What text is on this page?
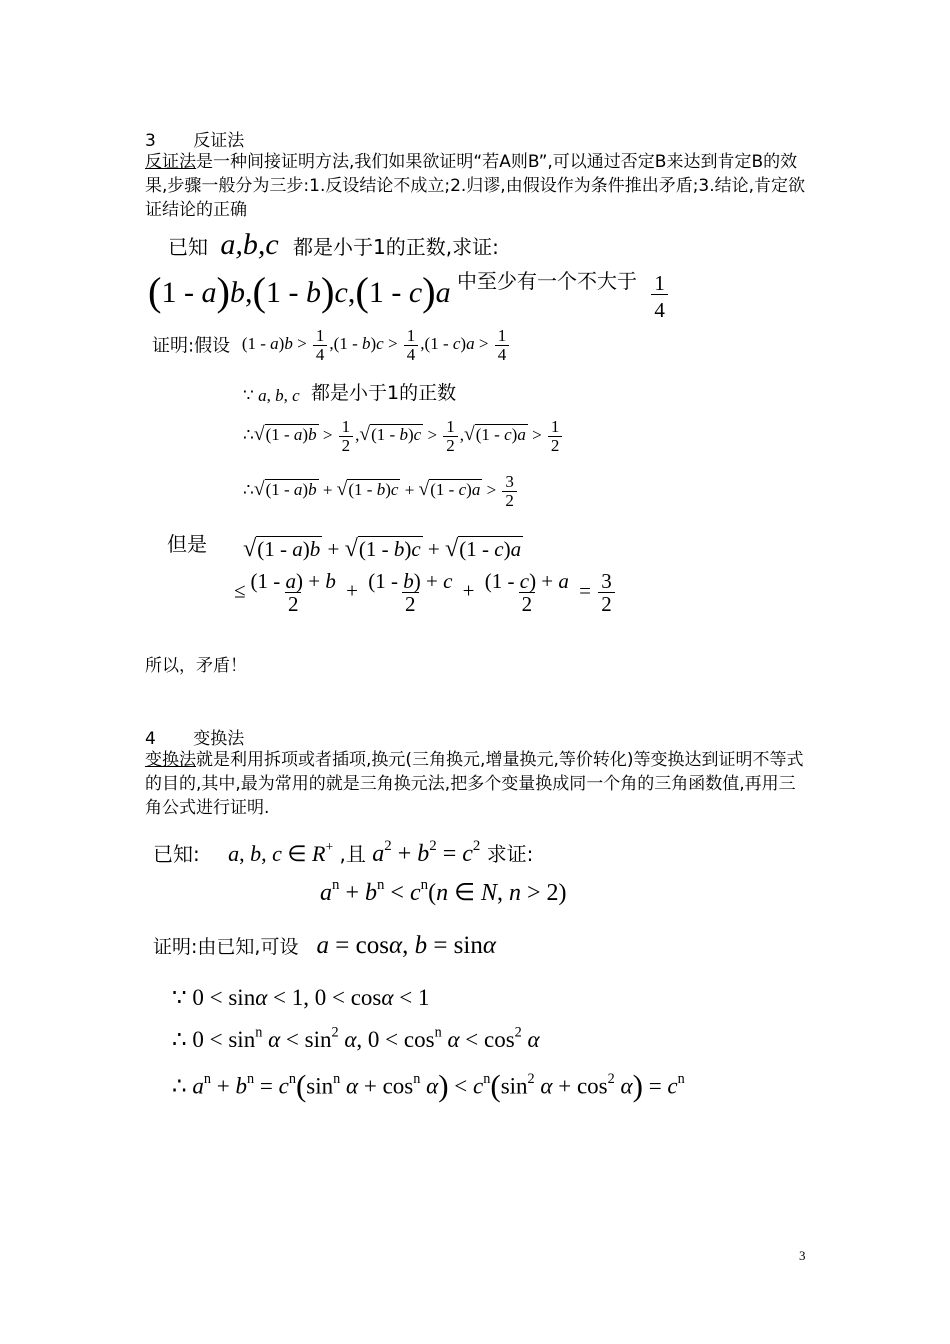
3 反证法
反证法是一种间接证明方法,我们如果欲证明“若A则B”,可以通过否定B来达到肯定B的效果,步骤一般分为三步:1.反设结论不成立;2.归谬,由假设作为条件推出矛盾;3.结论,肯定欲证结论的正确
已知 a,b,c 都是小于1的正数,求证:
(1 - a)b,(1 - b)c,(1 - c)a 中至少有一个不大于 $\frac{1}{4}$
证明:假设 $(1 - a)b > \frac{1}{4} ,(1 - b)c > \frac{1}{4} ,(1 - c)a > \frac{1}{4}$
∵ a, b, c 都是小于1的正数
∴√(1 - $a)b > \frac{1}{2} ,√(1 - b)c > \frac{1}{2} ,√(1 - c)a > \frac{1}{2}$
∴√(1 - $a)b + √(1 - b)c + √(1 - c)a > \frac{3}{2}$
但是 √(1 - a)b + √(1 - b)c + √(1 - c)a
≤ $\frac{(1 - a) + b}{2} + \frac{(1 - b) + c}{2} + \frac{(1 - c) + a}{2} = \frac{3}{2}$
所以，矛盾！
4 变换法
变换法就是利用拆项或者插项,换元(三角换元,增量换元,等价转化)等变换达到证明不等式的目的,其中,最为常用的就是三角换元法,把多个变量换成同一个角的三角函数值,再用三角公式进行证明.
已知: a, b, c ∈ R+ ,且 $a^2 + b^2 = c^2$ 求证:
$a^n + b^n < c^n(n$ ∈ N, n > 2)
证明:由已知,可设 a = cosα, b = sinα
∵ 0 < sinα < 1, 0 < cosα < 1
∴ $0 < \sin^n \alpha < \sin^2 \alpha$, $0 < \cos^n \alpha < \cos^2 \alpha$
∴ $a^n + b^n = c^n(\sin^n$ $\alpha + \cos^n \alpha) < c^n(\sin^2$ $\alpha + \cos^2 \alpha) = c^n$
3
